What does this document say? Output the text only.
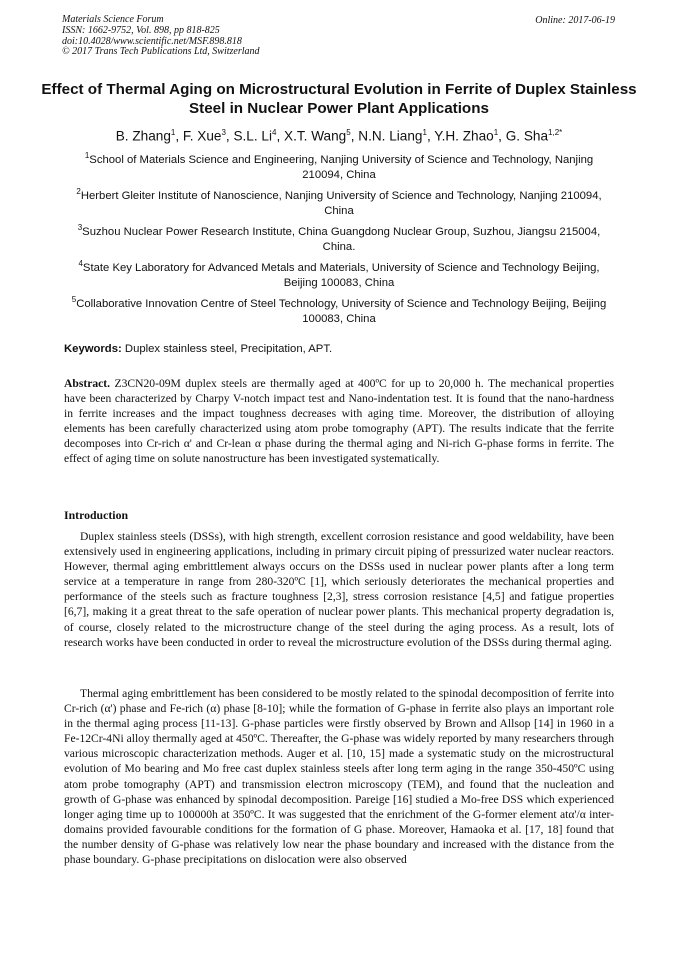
Materials Science Forum
ISSN: 1662-9752, Vol. 898, pp 818-825
doi:10.4028/www.scientific.net/MSF.898.818
© 2017 Trans Tech Publications Ltd, Switzerland
Online: 2017-06-19
Effect of Thermal Aging on Microstructural Evolution in Ferrite of Duplex Stainless Steel in Nuclear Power Plant Applications
B. Zhang$^1$, F. Xue$^3$, S.L. Li$^4$, X.T. Wang$^5$, N.N. Liang$^1$, Y.H. Zhao$^1$, G. Sha$^{1,2*}$
$^1$School of Materials Science and Engineering, Nanjing University of Science and Technology, Nanjing 210094, China
$^2$Herbert Gleiter Institute of Nanoscience, Nanjing University of Science and Technology, Nanjing 210094, China
$^3$Suzhou Nuclear Power Research Institute, China Guangdong Nuclear Group, Suzhou, Jiangsu 215004, China.
$^4$State Key Laboratory for Advanced Metals and Materials, University of Science and Technology Beijing, Beijing 100083, China
$^5$Collaborative Innovation Centre of Steel Technology, University of Science and Technology Beijing, Beijing 100083, China
Keywords: Duplex stainless steel, Precipitation, APT.
Abstract. Z3CN20-09M duplex steels are thermally aged at 400ºC for up to 20,000 h. The mechanical properties have been characterized by Charpy V-notch impact test and Nano-indentation test. It is found that the nano-hardness in ferrite increases and the impact toughness decreases with aging time. Moreover, the distribution of alloying elements has been carefully characterized using atom probe tomography (APT). The results indicate that the ferrite decomposes into Cr-rich α' and Cr-lean α phase during the thermal aging and Ni-rich G-phase forms in ferrite. The effect of aging time on solute nanostructure has been investigated systematically.
Introduction
Duplex stainless steels (DSSs), with high strength, excellent corrosion resistance and good weldability, have been extensively used in engineering applications, including in primary circuit piping of pressurized water nuclear reactors. However, thermal aging embrittlement always occurs on the DSSs used in nuclear power plants after a long term service at a temperature in range from 280-320ºC [1], which seriously deteriorates the mechanical properties and performance of the steels such as fracture toughness [2,3], stress corrosion resistance [4,5] and fatigue properties [6,7], making it a great threat to the safe operation of nuclear power plants. This mechanical property degradation is, of course, closely related to the microstructure change of the steel during the aging process. As a result, lots of research works have been conducted in order to reveal the microstructure evolution of the DSSs during thermal aging.
Thermal aging embrittlement has been considered to be mostly related to the spinodal decomposition of ferrite into Cr-rich (α') phase and Fe-rich (α) phase [8-10]; while the formation of G-phase in ferrite also plays an important role in the thermal aging process [11-13]. G-phase particles were firstly observed by Brown and Allsop [14] in 1960 in a Fe-12Cr-4Ni alloy thermally aged at 450ºC. Thereafter, the G-phase was widely reported by many researchers through various microscopic characterization methods. Auger et al. [10, 15] made a systematic study on the microstructural evolution of Mo bearing and Mo free cast duplex stainless steels after long term aging in the range 350-450ºC using atom probe tomography (APT) and transmission electron microscopy (TEM), and found that the nucleation and growth of G-phase was enhanced by spinodal decomposition. Pareige [16] studied a Mo-free DSS which experienced longer aging time up to 100000h at 350ºC. It was suggested that the enrichment of the G-former element atα'/α inter-domains provided favourable conditions for the formation of G phase. Moreover, Hamaoka et al. [17, 18] found that the number density of G-phase was relatively low near the phase boundary and increased with the distance from the phase boundary. G-phase precipitations on dislocation were also observed
